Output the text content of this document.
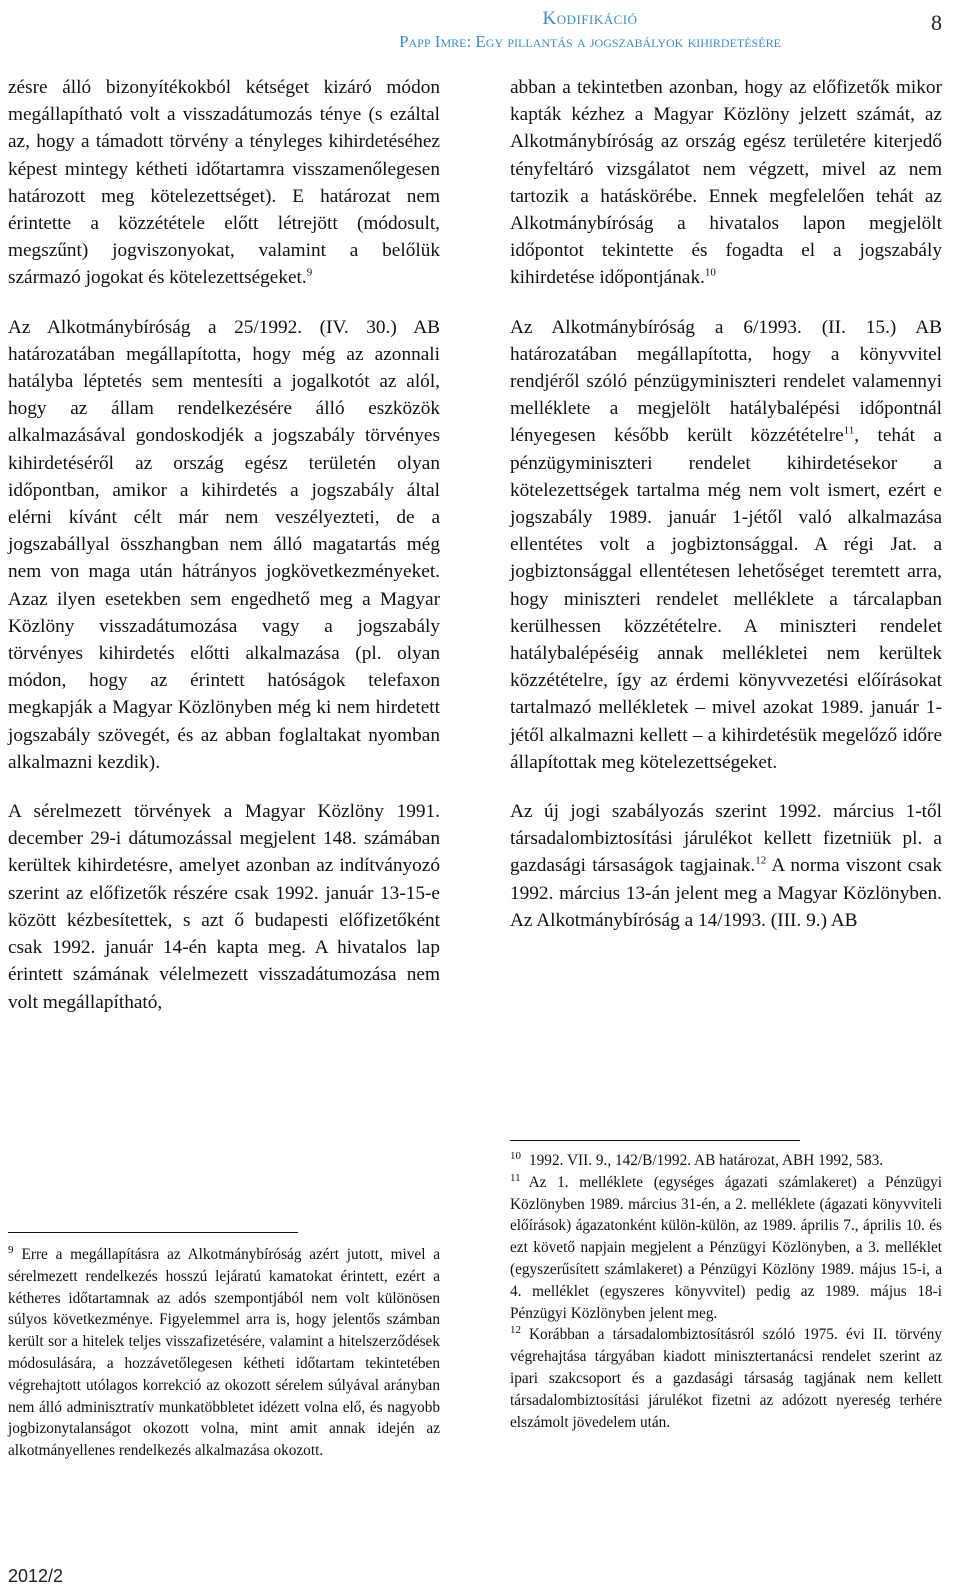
Kodifikáció
Papp Imre: Egy pillantás a jogszabályok kihirdetésére
8

zésre álló bizonyítékokból kétséget kizáró módon megállapítható volt a visszadátumozás ténye (s ezáltal az, hogy a támadott törvény a tényleges kihirdetéséhez képest mintegy kétheti időtartamra visszamenőlegesen határozott meg kötelezettséget). E határozat nem érintette a közzététele előtt létrejött (módosult, megszűnt) jogviszonyokat, valamint a belőlük származó jogokat és kötelezettségeket.$^9$

Az Alkotmánybíróság a 25/1992. (IV. 30.) AB határozatában megállapította, hogy még az azonnali hatályba léptetés sem mentesíti a jogalkotót az alól, hogy az állam rendelkezésére álló eszközök alkalmazásával gondoskodjék a jogszabály törvényes kihirdetéséről az ország egész területén olyan időpontban, amikor a kihirdetés a jogszabály által elérni kívánt célt már nem veszélyezteti, de a jogszabállyal összhangban nem álló magatartás még nem von maga után hátrányos jogkövetkezményeket. Azaz ilyen esetekben sem engedhető meg a Magyar Közlöny visszadátumozása vagy a jogszabály törvényes kihirdetés előtti alkalmazása (pl. olyan módon, hogy az érintett hatóságok telefaxon megkapják a Magyar Közlönyben még ki nem hirdetett jogszabály szövegét, és az abban foglaltakat nyomban alkalmazni kezdik).

A sérelmezett törvények a Magyar Közlöny 1991. december 29-i dátumozással megjelent 148. számában kerültek kihirdetésre, amelyet azonban az indítványozó szerint az előfizetők részére csak 1992. január 13-15-e között kézbesítettek, s azt ő budapesti előfizetőként csak 1992. január 14-én kapta meg. A hivatalos lap érintett számának vélelmezett visszadátumozása nem volt megállapítható,

$^9$ Erre a megállapításra az Alkotmánybíróság azért jutott, mivel a sérelmezett rendelkezés hosszú lejáratú kamatokat érintett, ezért a kétheтes időtartamnak az adós szempontjából nem volt különösen súlyos következménye. Figyelemmel arra is, hogy jelentős számban került sor a hitelek teljes visszafizetésére, valamint a hitelszerződések módosulására, a hozzávetőlegesen kétheti időtartam tekintetében végrehajtott utólagos korrekció az okozott sérelem súlyával arányban nem álló adminisztratív munkatöbbletet idézett volna elő, és nagyobb jogbizonytalanságot okozott volna, mint amit annak idején az alkotmányellenes rendelkezés alkalmazása okozott.

abban a tekintetben azonban, hogy az előfizetők mikor kapták kézhez a Magyar Közlöny jelzett számát, az Alkotmánybíróság az ország egész területére kiterjedő tényfeltáró vizsgálatot nem végzett, mivel az nem tartozik a hatáskörébe. Ennek megfelelően tehát az Alkotmánybíróság a hivatalos lapon megjelölt időpontot tekintette és fogadta el a jogszabály kihirdetése időpontjának.$^{10}$

Az Alkotmánybíróság a 6/1993. (II. 15.) AB határozatában megállapította, hogy a könyvvitel rendjéről szóló pénzügyminiszteri rendelet valamennyi melléklete a megjelölt hatálybalépési időpontnál lényegesen később került közzétételre$^{11}$, tehát a pénzügyminiszteri rendelet kihirdetésekor a kötelezettségek tartalma még nem volt ismert, ezért e jogszabály 1989. január 1-jétől való alkalmazása ellentétes volt a jogbiztonsággal. A régi Jat. a jogbiztonsággal ellentétesen lehetőséget teremtett arra, hogy miniszteri rendelet melléklete a tárcalapban kerülhessen közzétételre. A miniszteri rendelet hatálybalépéséig annak mellékletei nem kerültek közzétételre, így az érdemi könyvvezetési előírásokat tartalmazó mellékletek – mivel azokat 1989. január 1-jétől alkalmazni kellett – a kihirdetésük megelőző időre állapítottak meg kötelezettségeket.

Az új jogi szabályozás szerint 1992. március 1-től társadalombiztosítási járulékot kellett fizetniük pl. a gazdasági társaságok tagjainak.$^{12}$ A norma viszont csak 1992. március 13-án jelent meg a Magyar Közlönyben. Az Alkotmánybíróság a 14/1993. (III. 9.) AB

$^{10}$ 1992. VII. 9., 142/B/1992. AB határozat, ABH 1992, 583.

$^{11}$ Az 1. melléklete (egységes ágazati számlakeret) a Pénzügyi Közlönyben 1989. március 31-én, a 2. melléklete (ágazati könyvviteli előírások) ágazatonként külön-külön, az 1989. április 7., április 10. és ezt követő napjain megjelent a Pénzügyi Közlönyben, a 3. melléklet (egyszerűsített számlakeret) a Pénzügyi Közlöny 1989. május 15-i, a 4. melléklet (egyszeres könyvvitel) pedig az 1989. május 18-i Pénzügyi Közlönyben jelent meg.

$^{12}$ Korábban a társadalombiztosításról szóló 1975. évi II. törvény végrehajtása tárgyában kiadott minisztertanácsi rendelet szerint az ipari szakcsoport és a gazdasági társaság tagjának nem kellett társadalombiztosítási járulékot fizetni az adózott nyereség terhére elszámolt jövedelem után.

2012/2
